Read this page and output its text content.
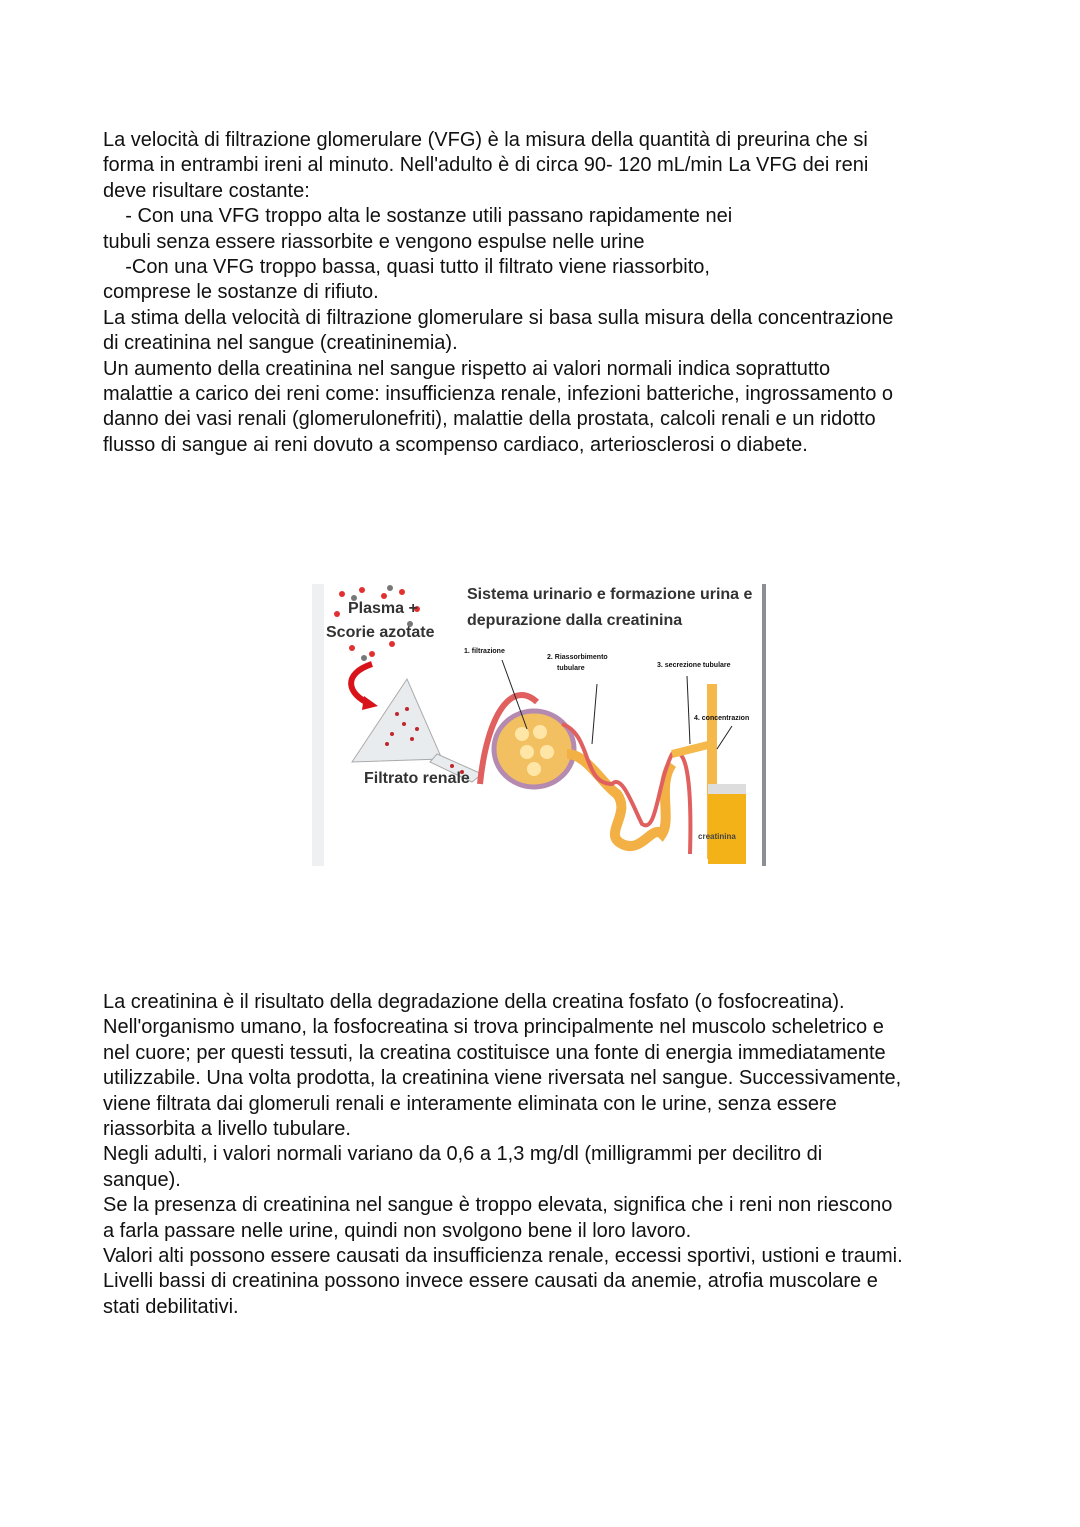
La velocità di filtrazione glomerulare (VFG) è la misura della quantità di preurina che si
forma in entrambi ireni al minuto. Nell'adulto è di circa 90- 120 mL/min La VFG dei reni
deve risultare costante:
- Con una VFG troppo alta le sostanze utili passano rapidamente nei
tubuli senza essere riassorbite e vengono espulse nelle urine
-Con una VFG troppo bassa, quasi tutto il filtrato viene riassorbito,
comprese le sostanze di rifiuto.
La stima della velocità di filtrazione glomerulare si basa sulla misura della concentrazione
di creatinina nel sangue (creatininemia).
Un aumento della creatinina nel sangue rispetto ai valori normali indica soprattutto
malattie a carico dei reni come: insufficienza renale, infezioni batteriche, ingrossamento o
danno dei vasi renali (glomerulonefriti), malattie della prostata, calcoli renali e un ridotto
flusso di sangue ai reni dovuto a scompenso cardiaco, arteriosclerosi o diabete.
Sistema urinario e formazione urina e
depurazione dalla creatinina
Plasma +
Scorie azotate
Filtrato renale
1. filtrazione
2. Riassorbimento
tubulare	3. secrezione tubulare
4. concentrazion
creatinina
La creatinina è il risultato della degradazione della creatina fosfato (o fosfocreatina).
Nell'organismo umano, la fosfocreatina si trova principalmente nel muscolo scheletrico e
nel cuore; per questi tessuti, la creatina costituisce una fonte di energia immediatamente
utilizzabile. Una volta prodotta, la creatinina viene riversata nel sangue. Successivamente,
viene filtrata dai glomeruli renali e interamente eliminata con le urine, senza essere
riassorbita a livello tubulare.
Negli adulti, i valori normali variano da 0,6 a 1,3 mg/dl (milligrammi per decilitro di
sanque).
Se la presenza di creatinina nel sangue è troppo elevata, significa che i reni non riescono
a farla passare nelle urine, quindi non svolgono bene il loro lavoro.
Valori alti possono essere causati da insufficienza renale, eccessi sportivi, ustioni e traumi.
Livelli bassi di creatinina possono invece essere causati da anemie, atrofia muscolare e
stati debilitativi.
